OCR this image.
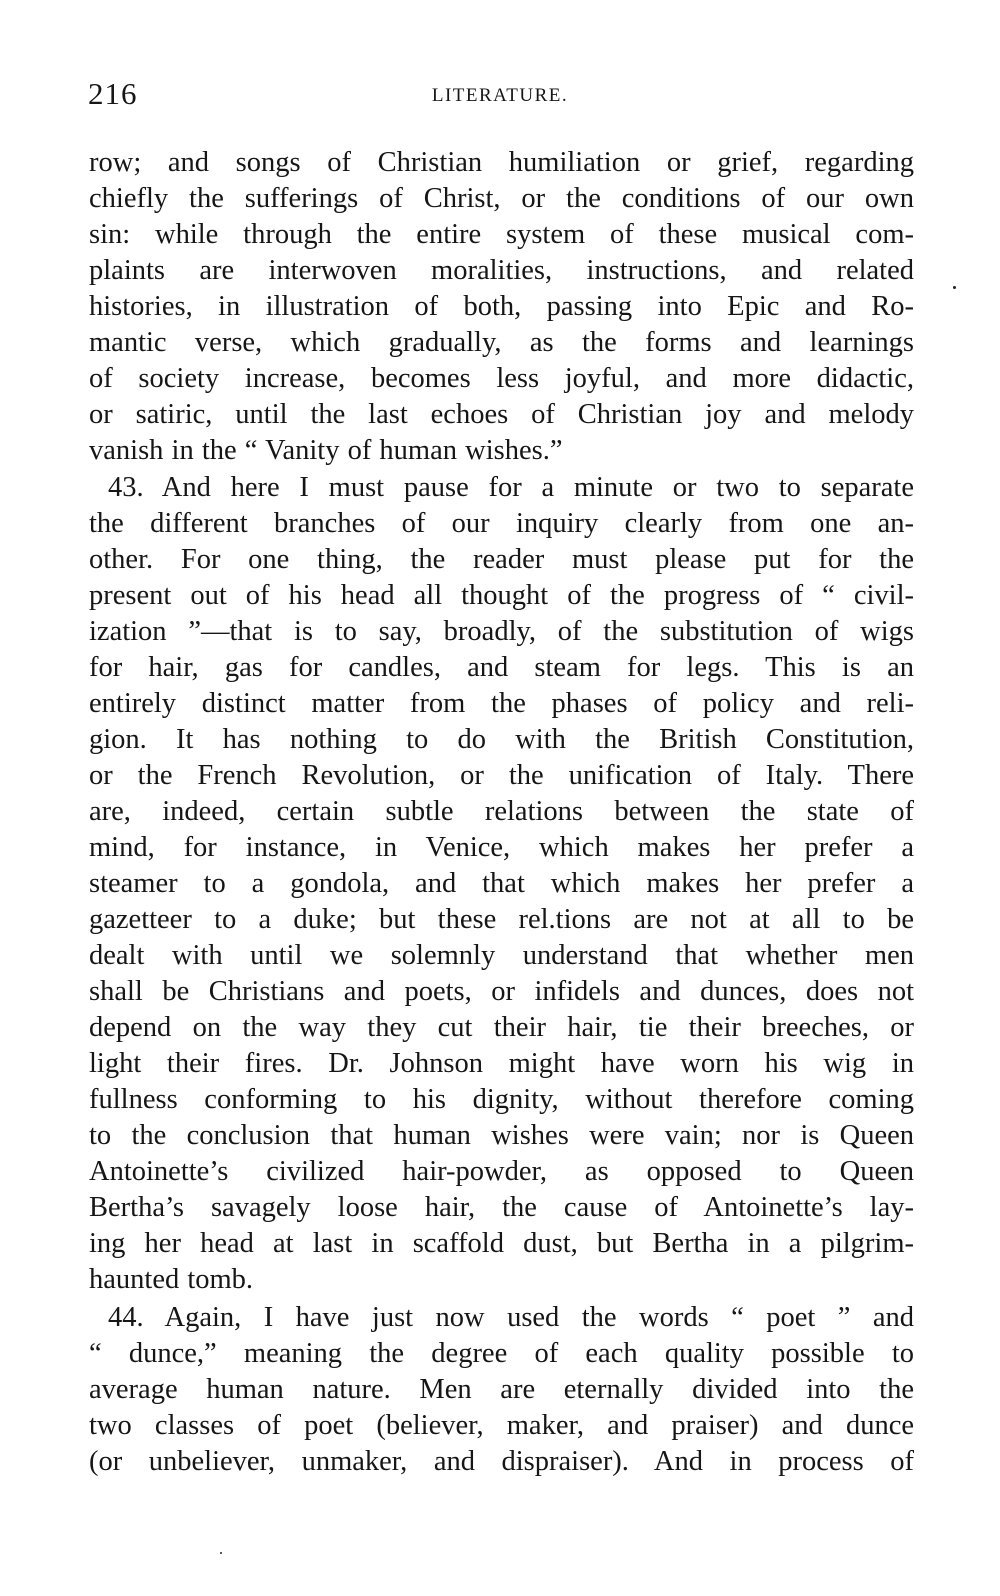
216	LITERATURE.
row; and songs of Christian humiliation or grief, regarding
chiefly the sufferings of Christ, or the conditions of our own
sin: while through the entire system of these musical com-
plaints are interwoven moralities, instructions, and related
histories, in illustration of both, passing into Epic and Ro-
mantic verse, which gradually, as the forms and learnings
of society increase, becomes less joyful, and more didactic,
or satiric, until the last echoes of Christian joy and melody
vanish in the “ Vanity of human wishes.”
43. And here I must pause for a minute or two to separate
the different branches of our inquiry clearly from one an-
other. For one thing, the reader must please put for the
present out of his head all thought of the progress of “ civil-
ization ”—that is to say, broadly, of the substitution of wigs
for hair, gas for candles, and steam for legs. This is an
entirely distinct matter from the phases of policy and reli-
gion. It has nothing to do with the British Constitution,
or the French Revolution, or the unification of Italy. There
are, indeed, certain subtle relations between the state of
mind, for instance, in Venice, which makes her prefer a
steamer to a gondola, and that which makes her prefer a
gazetteer to a duke; but these rel.tions are not at all to be
dealt with until we solemnly understand that whether men
shall be Christians and poets, or infidels and dunces, does not
depend on the way they cut their hair, tie their breeches, or
light their fires. Dr. Johnson might have worn his wig in
fullness conforming to his dignity, without therefore coming
to the conclusion that human wishes were vain; nor is Queen
Antoinette’s civilized hair-powder, as opposed to Queen
Bertha’s savagely loose hair, the cause of Antoinette’s lay-
ing her head at last in scaffold dust, but Bertha in a pilgrim-
haunted tomb.
44. Again, I have just now used the words “ poet ” and
“ dunce,” meaning the degree of each quality possible to
average human nature. Men are eternally divided into the
two classes of poet (believer, maker, and praiser) and dunce
(or unbeliever, unmaker, and dispraiser). And in process of
